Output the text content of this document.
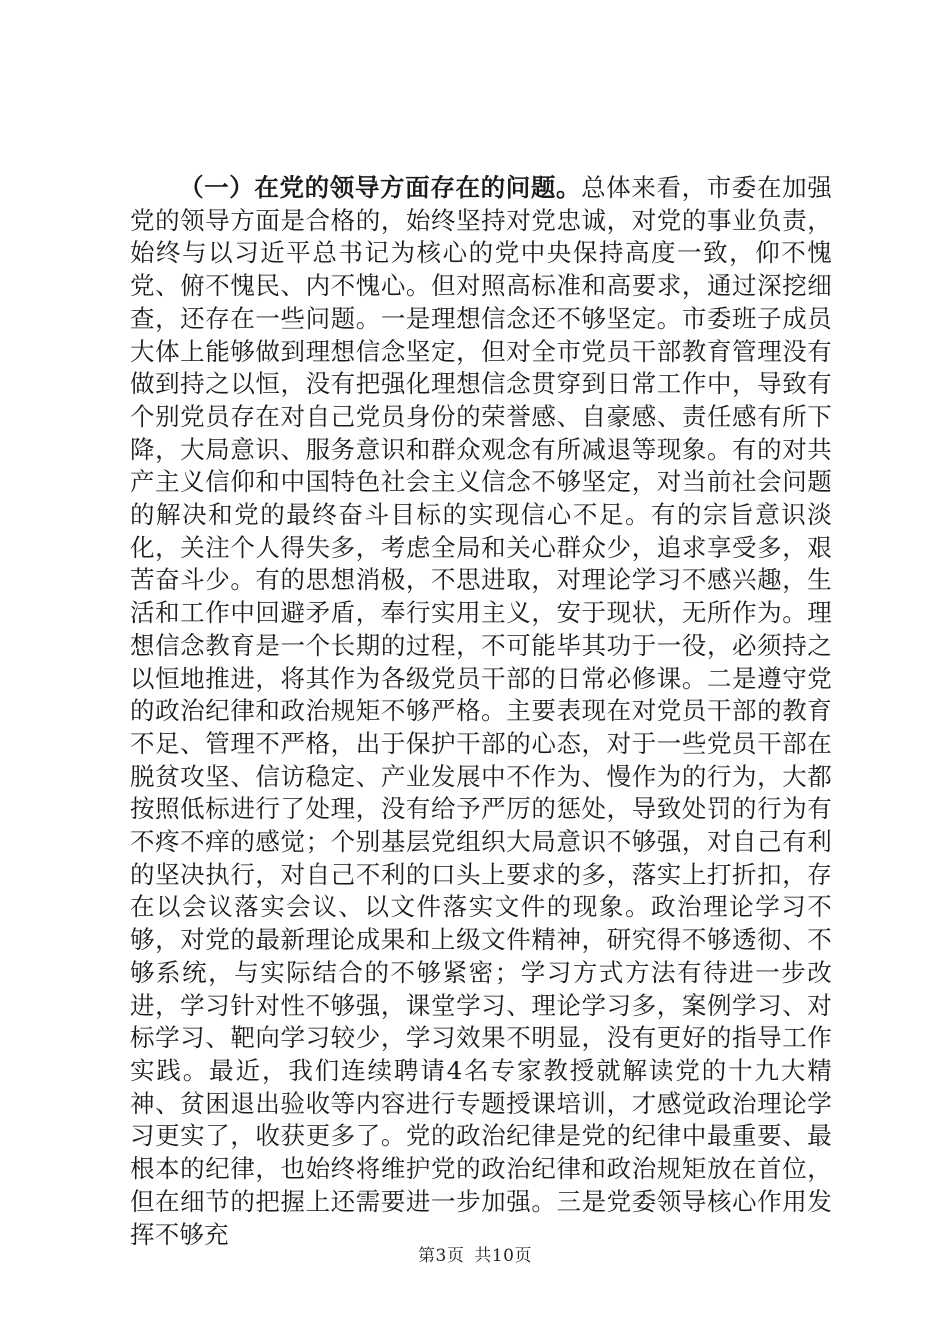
（一）在党的领导方面存在的问题。总体来看，市委在加强党的领导方面是合格的，始终坚持对党忠诚，对党的事业负责，始终与以习近平总书记为核心的党中央保持高度一致，仰不愧党、俯不愧民、内不愧心。但对照高标准和高要求，通过深挖细查，还存在一些问题。一是理想信念还不够坚定。市委班子成员大体上能够做到理想信念坚定，但对全市党员干部教育管理没有做到持之以恒，没有把强化理想信念贯穿到日常工作中，导致有个别党员存在对自己党员身份的荣誉感、自豪感、责任感有所下降，大局意识、服务意识和群众观念有所减退等现象。有的对共产主义信仰和中国特色社会主义信念不够坚定，对当前社会问题的解决和党的最终奋斗目标的实现信心不足。有的宗旨意识淡化，关注个人得失多，考虑全局和关心群众少，追求享受多，艰苦奋斗少。有的思想消极，不思进取，对理论学习不感兴趣，生活和工作中回避矛盾，奉行实用主义，安于现状，无所作为。理想信念教育是一个长期的过程，不可能毕其功于一役，必须持之以恒地推进，将其作为各级党员干部的日常必修课。二是遵守党的政治纪律和政治规矩不够严格。主要表现在对党员干部的教育不足、管理不严格，出于保护干部的心态，对于一些党员干部在脱贫攻坚、信访稳定、产业发展中不作为、慢作为的行为，大都按照低标进行了处理，没有给予严厉的惩处，导致处罚的行为有不疼不痒的感觉；个别基层党组织大局意识不够强，对自己有利的坚决执行，对自己不利的口头上要求的多，落实上打折扣，存在以会议落实会议、以文件落实文件的现象。政治理论学习不够，对党的最新理论成果和上级文件精神，研究得不够透彻、不够系统，与实际结合的不够紧密；学习方式方法有待进一步改进，学习针对性不够强，课堂学习、理论学习多，案例学习、对标学习、靶向学习较少，学习效果不明显，没有更好的指导工作实践。最近，我们连续聘请4名专家教授就解读党的十九大精神、贫困退出验收等内容进行专题授课培训，才感觉政治理论学习更实了，收获更多了。党的政治纪律是党的纪律中最重要、最根本的纪律，也始终将维护党的政治纪律和政治规矩放在首位，但在细节的把握上还需要进一步加强。三是党委领导核心作用发挥不够充

第3页 共10页
